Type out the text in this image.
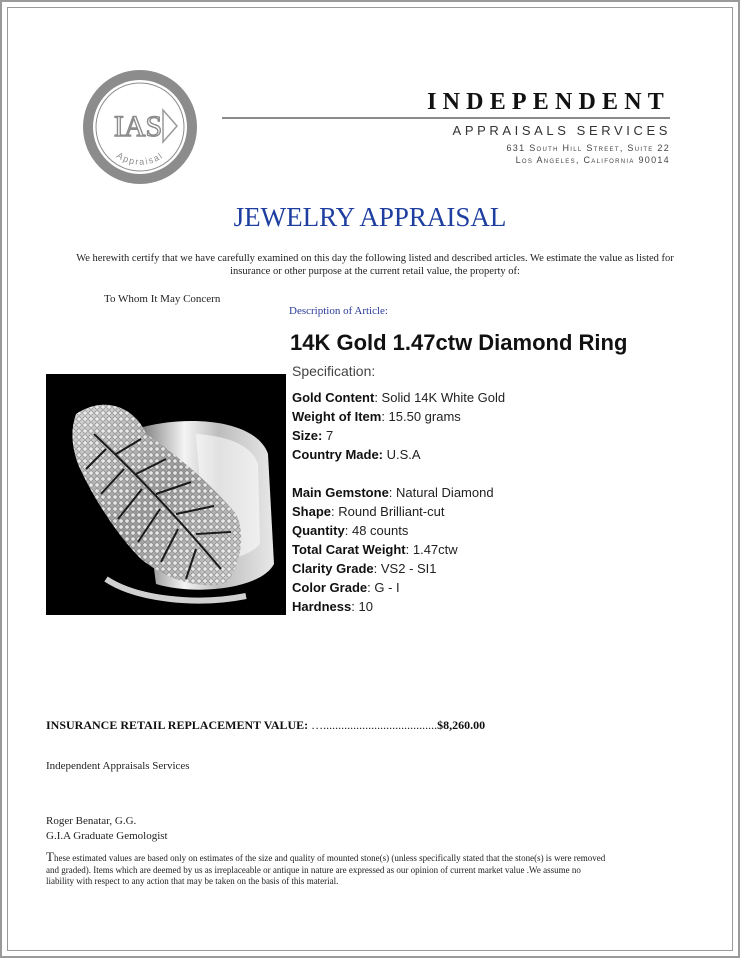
IAS
Appraisal
INDEPENDENT
APPRAISALS SERVICES
631 South Hill Street, Suite 22
Los Angeles, California 90014
JEWELRY APPRAISAL
We herewith certify that we have carefully examined on this day the following listed and described articles. We estimate the value as listed for insurance or other purpose at the current retail value, the property of:
To Whom It May Concern
Description of Article:
14K Gold 1.47ctw Diamond Ring
Specification:
Gold Content: Solid 14K White Gold
Weight of Item: 15.50 grams
Size: 7
Country Made: U.S.A
Main Gemstone: Natural Diamond
Shape: Round Brilliant-cut
Quantity: 48 counts
Total Carat Weight: 1.47ctw
Clarity Grade: VS2 - SI1
Color Grade: G - I
Hardness: 10
INSURANCE RETAIL REPLACEMENT VALUE: …......................................$8,260.00
Independent Appraisals Services
Roger Benatar, G.G.
G.I.A Graduate Gemologist
These estimated values are based only on estimates of the size and quality of mounted stone(s) (unless specifically stated that the stone(s) is were removed and graded). Items which are deemed by us as irreplaceable or antique in nature are expressed as our opinion of current market value .We assume no liability with respect to any action that may be taken on the basis of this material.
